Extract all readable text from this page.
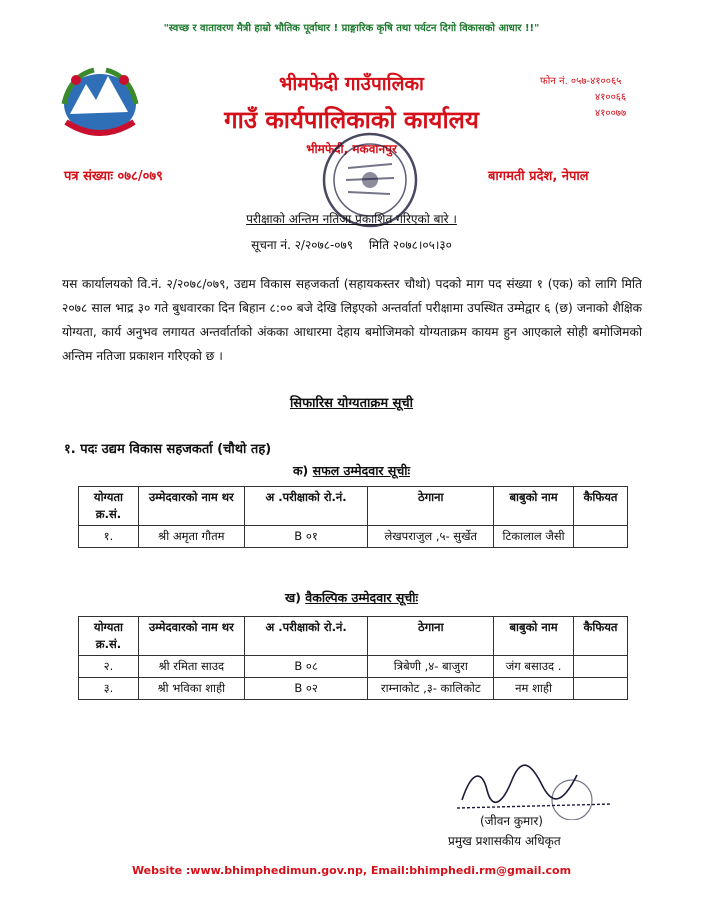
"स्वच्छ र वातावरण मैत्री हाम्रो भौतिक पूर्वाधार ! प्राङ्गारिक कृषि तथा पर्यटन दिगो विकासको आधार !!"
भीमफेदी गाउँपालिका
गाउँ कार्यपालिकाको कार्यालय
भीमफेदी, मकवानपुर
फोन नं. ०५७-४१००६५
४१००६६
४१००७७
पत्र संख्याः ०७८/०७९	बागमती प्रदेश, नेपाल
परीक्षाको अन्तिम नतिजा प्रकाशित गरिएको बारे ।
सूचना नं. २/२०७८-०७९ मिति २०७८।०५।३०
यस कार्यालयको वि.नं. २/२०७८/०७९, उद्यम विकास सहजकर्ता (सहायकस्तर चौथो) पदको माग पद संख्या १ (एक) को लागि मिति २०७८ साल भाद्र ३० गते बुधवारका दिन बिहान ८:०० बजे देखि लिइएको अन्तर्वार्ता परीक्षामा उपस्थित उम्मेद्वार ६ (छ) जनाको शैक्षिक योग्यता, कार्य अनुभव लगायत अन्तर्वार्ताको अंकका आधारमा देहाय बमोजिमको योग्यताक्रम कायम हुन आएकाले सोही बमोजिमको अन्तिम नतिजा प्रकाशन गरिएको छ ।
सिफारिस योग्यताक्रम सूची
१. पदः उद्यम विकास सहजकर्ता (चौथो तह)
क) सफल उम्मेदवार सूचीः
योग्यता क्र.सं.	उम्मेदवारको नाम थर	अ .परीक्षाको रो.नं.	ठेगाना	बाबुको नाम	कैफियत
१.	श्री अमृता गौतम	B ०१	लेखपराजुल ,५- सुर्खेत	टिकालाल जैसी	
ख) वैकल्पिक उम्मेदवार सूचीः
योग्यता क्र.सं.	उम्मेदवारको नाम थर	अ .परीक्षाको रो.नं.	ठेगाना	बाबुको नाम	कैफियत
२.	श्री रमिता साउद	B ०८	त्रिबेणी ,४- बाजुरा	जंग बसाउद .	
३.	श्री भविका शाही	B ०२	राम्नाकोट ,३- कालिकोट	नम शाही	
(जीवन कुमार)
प्रमुख प्रशासकीय अधिकृत
Website :www.bhimphedimun.gov.np, Email:bhimphedi.rm@gmail.com
